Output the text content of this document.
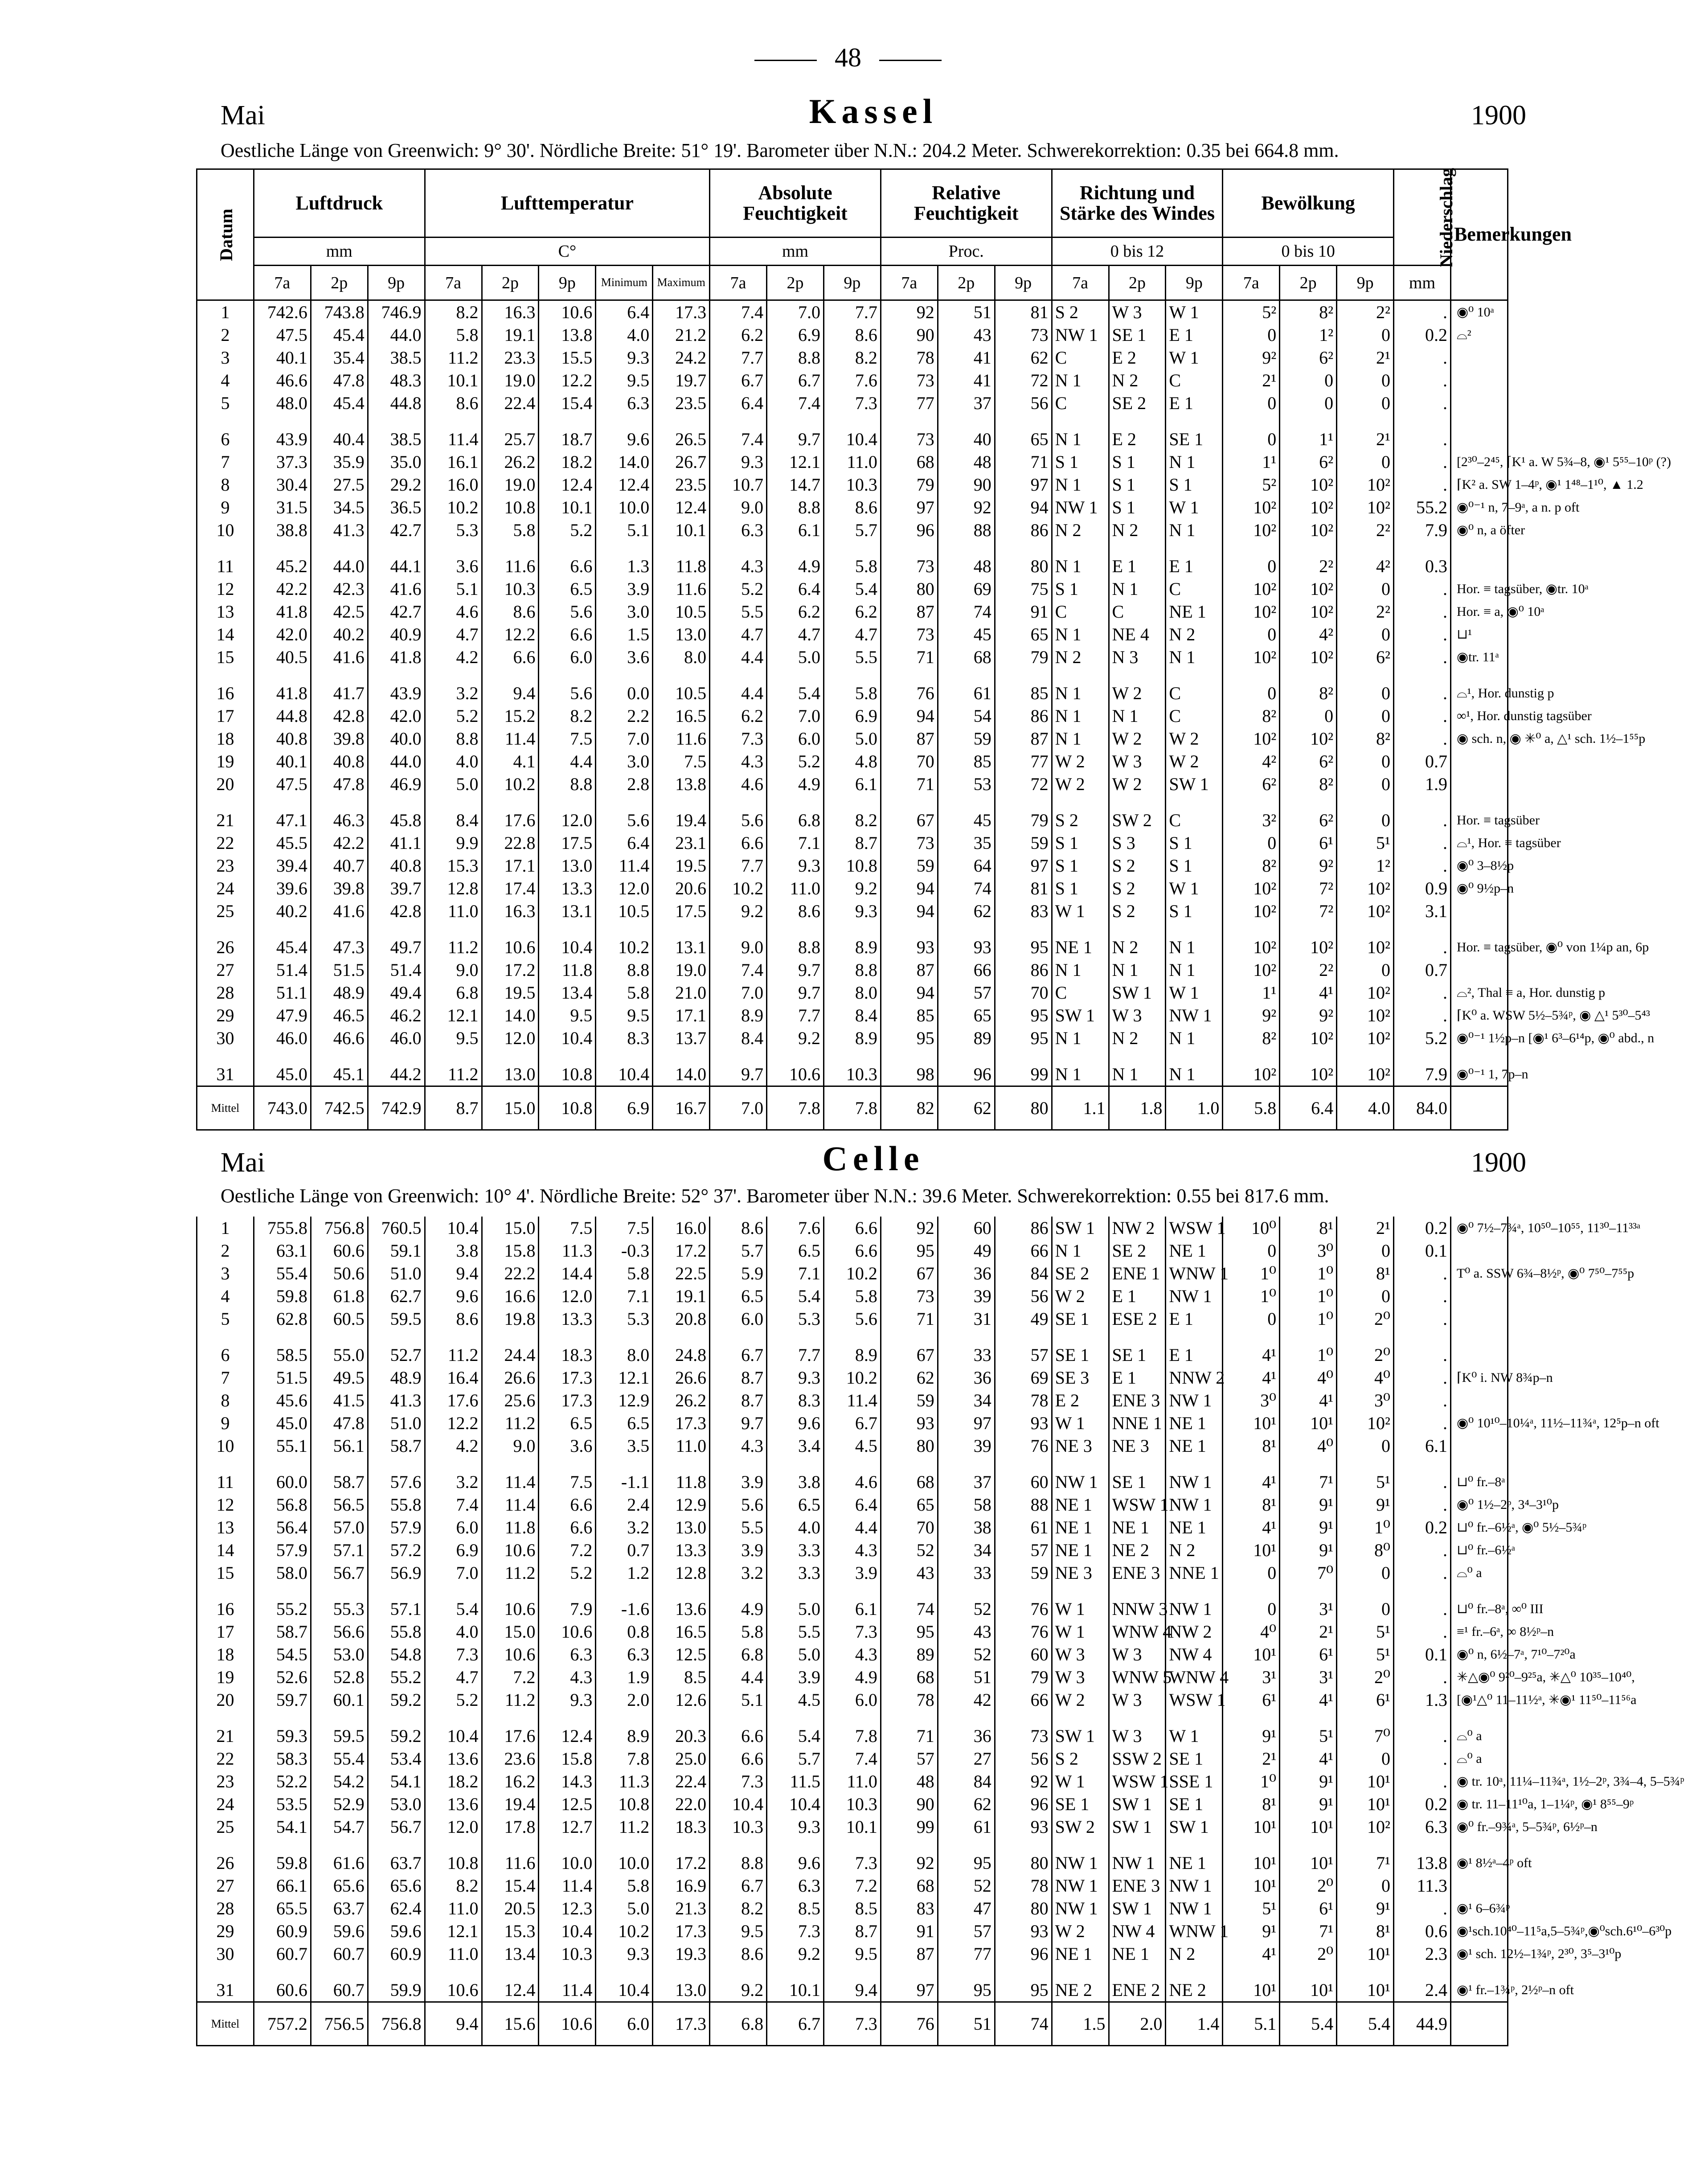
48
Mai	Kassel	1900
Oestliche Länge von Greenwich: 9° 30'. Nördliche Breite: 51° 19'. Barometer über N.N.: 204.2 Meter. Schwerekorrektion: 0.35 bei 664.8 mm.
Datum	Luftdruck			Lufttemperatur					Absolute Feuchtigkeit			Relative Feuchtigkeit			Richtung und Stärke des Windes			Bewölkung			Niederschlag	Bemerkungen
	mm			C°					mm			Proc.			0 bis 12			0 bis 10				
	7a	2p	9p	7a	2p	9p	Minimum	Maximum	7a	2p	9p	7a	2p	9p	7a	2p	9p	7a	2p	9p	mm	
1	742.6	743.8	746.9	8.2	16.3	10.6	6.4	17.3	7.4	7.0	7.7	92	51	81	S 2	W 3	W 1	5²	8²	2²	.	◉⁰ 10ᵃ
2	47.5	45.4	44.0	5.8	19.1	13.8	4.0	21.2	6.2	6.9	8.6	90	43	73	NW 1	SE 1	E 1	0	1²	0	0.2	⌓²
3	40.1	35.4	38.5	11.2	23.3	15.5	9.3	24.2	7.7	8.8	8.2	78	41	62	C	E 2	W 1	9²	6²	2¹	.	
4	46.6	47.8	48.3	10.1	19.0	12.2	9.5	19.7	6.7	6.7	7.6	73	41	72	N 1	N 2	C	2¹	0	0	.	
5	48.0	45.4	44.8	8.6	22.4	15.4	6.3	23.5	6.4	7.4	7.3	77	37	56	C	SE 2	E 1	0	0	0	.	
6	43.9	40.4	38.5	11.4	25.7	18.7	9.6	26.5	7.4	9.7	10.4	73	40	65	N 1	E 2	SE 1	0	1¹	2¹	.	
7	37.3	35.9	35.0	16.1	26.2	18.2	14.0	26.7	9.3	12.1	11.0	68	48	71	S 1	S 1	N 1	1¹	6²	0	.	[2³⁰–2⁴⁵, ⌈K¹ a. W 5¾–8, ◉¹ 5⁵⁵–10ᵖ (?)
8	30.4	27.5	29.2	16.0	19.0	12.4	12.4	23.5	10.7	14.7	10.3	79	90	97	N 1	S 1	S 1	5²	10²	10²	.	⌈K² a. SW 1–4ᵖ, ◉¹ 1⁴⁸–1¹⁰, ▲ 1.2
9	31.5	34.5	36.5	10.2	10.8	10.1	10.0	12.4	9.0	8.8	8.6	97	92	94	NW 1	S 1	W 1	10²	10²	10²	55.2	◉⁰⁻¹ n, 7–9ᵃ, a n. p oft
10	38.8	41.3	42.7	5.3	5.8	5.2	5.1	10.1	6.3	6.1	5.7	96	88	86	N 2	N 2	N 1	10²	10²	2²	7.9	◉⁰ n, a öfter
11	45.2	44.0	44.1	3.6	11.6	6.6	1.3	11.8	4.3	4.9	5.8	73	48	80	N 1	E 1	E 1	0	2²	4²	0.3	
12	42.2	42.3	41.6	5.1	10.3	6.5	3.9	11.6	5.2	6.4	5.4	80	69	75	S 1	N 1	C	10²	10²	0	.	Hor. ≡ tagsüber, ◉tr. 10ᵃ
13	41.8	42.5	42.7	4.6	8.6	5.6	3.0	10.5	5.5	6.2	6.2	87	74	91	C	C	NE 1	10²	10²	2²	.	Hor. ≡ a, ◉⁰ 10ᵃ
14	42.0	40.2	40.9	4.7	12.2	6.6	1.5	13.0	4.7	4.7	4.7	73	45	65	N 1	NE 4	N 2	0	4²	0	.	⊔¹
15	40.5	41.6	41.8	4.2	6.6	6.0	3.6	8.0	4.4	5.0	5.5	71	68	79	N 2	N 3	N 1	10²	10²	6²	.	◉tr. 11ᵃ
16	41.8	41.7	43.9	3.2	9.4	5.6	0.0	10.5	4.4	5.4	5.8	76	61	85	N 1	W 2	C	0	8²	0	.	⌓¹, Hor. dunstig p
17	44.8	42.8	42.0	5.2	15.2	8.2	2.2	16.5	6.2	7.0	6.9	94	54	86	N 1	N 1	C	8²	0	0	.	∞¹, Hor. dunstig tagsüber
18	40.8	39.8	40.0	8.8	11.4	7.5	7.0	11.6	7.3	6.0	5.0	87	59	87	N 1	W 2	W 2	10²	10²	8²	.	◉ sch. n, ◉ ✳⁰ a, △¹ sch. 1½–1⁵⁵p
19	40.1	40.8	44.0	4.0	4.1	4.4	3.0	7.5	4.3	5.2	4.8	70	85	77	W 2	W 3	W 2	4²	6²	0	0.7	
20	47.5	47.8	46.9	5.0	10.2	8.8	2.8	13.8	4.6	4.9	6.1	71	53	72	W 2	W 2	SW 1	6²	8²	0	1.9	
21	47.1	46.3	45.8	8.4	17.6	12.0	5.6	19.4	5.6	6.8	8.2	67	45	79	S 2	SW 2	C	3²	6²	0	.	Hor. ≡ tagsüber
22	45.5	42.2	41.1	9.9	22.8	17.5	6.4	23.1	6.6	7.1	8.7	73	35	59	S 1	S 3	S 1	0	6¹	5¹	.	⌓¹, Hor. ≡ tagsüber
23	39.4	40.7	40.8	15.3	17.1	13.0	11.4	19.5	7.7	9.3	10.8	59	64	97	S 1	S 2	S 1	8²	9²	1²	.	◉⁰ 3–8½p
24	39.6	39.8	39.7	12.8	17.4	13.3	12.0	20.6	10.2	11.0	9.2	94	74	81	S 1	S 2	W 1	10²	7²	10²	0.9	◉⁰ 9½p–n
25	40.2	41.6	42.8	11.0	16.3	13.1	10.5	17.5	9.2	8.6	9.3	94	62	83	W 1	S 2	S 1	10²	7²	10²	3.1	
26	45.4	47.3	49.7	11.2	10.6	10.4	10.2	13.1	9.0	8.8	8.9	93	93	95	NE 1	N 2	N 1	10²	10²	10²	.	Hor. ≡ tagsüber, ◉⁰ von 1¼p an, 6p
27	51.4	51.5	51.4	9.0	17.2	11.8	8.8	19.0	7.4	9.7	8.8	87	66	86	N 1	N 1	N 1	10²	2²	0	0.7	
28	51.1	48.9	49.4	6.8	19.5	13.4	5.8	21.0	7.0	9.7	8.0	94	57	70	C	SW 1	W 1	1¹	4¹	10²	.	⌓², Thal ≡ a, Hor. dunstig p
29	47.9	46.5	46.2	12.1	14.0	9.5	9.5	17.1	8.9	7.7	8.4	85	65	95	SW 1	W 3	NW 1	9²	9²	10²	.	⌈K⁰ a. WSW 5½–5¾ᵖ, ◉ △¹ 5³⁰–5⁴³
30	46.0	46.6	46.0	9.5	12.0	10.4	8.3	13.7	8.4	9.2	8.9	95	89	95	N 1	N 2	N 1	8²	10²	10²	5.2	◉⁰⁻¹ 1½p–n [◉¹ 6³–6¹⁴p, ◉⁰ abd., n
31	45.0	45.1	44.2	11.2	13.0	10.8	10.4	14.0	9.7	10.6	10.3	98	96	99	N 1	N 1	N 1	10²	10²	10²	7.9	◉⁰⁻¹ 1, 7p–n
Mittel	743.0	742.5	742.9	8.7	15.0	10.8	6.9	16.7	7.0	7.8	7.8	82	62	80	1.1	1.8	1.0	5.8	6.4	4.0	84.0	
Mai	Celle	1900
Oestliche Länge von Greenwich: 10° 4'. Nördliche Breite: 52° 37'. Barometer über N.N.: 39.6 Meter. Schwerekorrektion: 0.55 bei 817.6 mm.
1	755.8	756.8	760.5	10.4	15.0	7.5	7.5	16.0	8.6	7.6	6.6	92	60	86	SW 1	NW 2	WSW 1	10⁰	8¹	2¹	0.2	◉⁰ 7½–7¾ᵃ, 10⁵⁰–10⁵⁵, 11³⁰–11³³ᵃ
2	63.1	60.6	59.1	3.8	15.8	11.3	-0.3	17.2	5.7	6.5	6.6	95	49	66	N 1	SE 2	NE 1	0	3⁰	0	0.1	
3	55.4	50.6	51.0	9.4	22.2	14.4	5.8	22.5	5.9	7.1	10.2	67	36	84	SE 2	ENE 1	WNW 1	1⁰	1⁰	8¹	.	T⁰ a. SSW 6¾–8½ᵖ, ◉⁰ 7⁵⁰–7⁵⁵p
4	59.8	61.8	62.7	9.6	16.6	12.0	7.1	19.1	6.5	5.4	5.8	73	39	56	W 2	E 1	NW 1	1⁰	1⁰	0	.	
5	62.8	60.5	59.5	8.6	19.8	13.3	5.3	20.8	6.0	5.3	5.6	71	31	49	SE 1	ESE 2	E 1	0	1⁰	2⁰	.	
6	58.5	55.0	52.7	11.2	24.4	18.3	8.0	24.8	6.7	7.7	8.9	67	33	57	SE 1	SE 1	E 1	4¹	1⁰	2⁰	.	
7	51.5	49.5	48.9	16.4	26.6	17.3	12.1	26.6	8.7	9.3	10.2	62	36	69	SE 3	E 1	NNW 2	4¹	4⁰	4⁰	.	⌈K⁰ i. NW 8¾p–n
8	45.6	41.5	41.3	17.6	25.6	17.3	12.9	26.2	8.7	8.3	11.4	59	34	78	E 2	ENE 3	NW 1	3⁰	4¹	3⁰	.	
9	45.0	47.8	51.0	12.2	11.2	6.5	6.5	17.3	9.7	9.6	6.7	93	97	93	W 1	NNE 1	NE 1	10¹	10¹	10²	.	◉⁰ 10¹⁰–10¼ᵃ, 11½–11¾ᵃ, 12⁵p–n oft
10	55.1	56.1	58.7	4.2	9.0	3.6	3.5	11.0	4.3	3.4	4.5	80	39	76	NE 3	NE 3	NE 1	8¹	4⁰	0	6.1	
11	60.0	58.7	57.6	3.2	11.4	7.5	-1.1	11.8	3.9	3.8	4.6	68	37	60	NW 1	SE 1	NW 1	4¹	7¹	5¹	.	⊔⁰ fr.–8ᵃ
12	56.8	56.5	55.8	7.4	11.4	6.6	2.4	12.9	5.6	6.5	6.4	65	58	88	NE 1	WSW 1	NW 1	8¹	9¹	9¹	.	◉⁰ 1½–2ᵖ, 3⁴–3¹⁰p
13	56.4	57.0	57.9	6.0	11.8	6.6	3.2	13.0	5.5	4.0	4.4	70	38	61	NE 1	NE 1	NE 1	4¹	9¹	1⁰	0.2	⊔⁰ fr.–6½ᵃ, ◉⁰ 5½–5¾ᵖ
14	57.9	57.1	57.2	6.9	10.6	7.2	0.7	13.3	3.9	3.3	4.3	52	34	57	NE 1	NE 2	N 2	10¹	9¹	8⁰	.	⊔⁰ fr.–6½ᵃ
15	58.0	56.7	56.9	7.0	11.2	5.2	1.2	12.8	3.2	3.3	3.9	43	33	59	NE 3	ENE 3	NNE 1	0	7⁰	0	.	⌓⁰ a
16	55.2	55.3	57.1	5.4	10.6	7.9	-1.6	13.6	4.9	5.0	6.1	74	52	76	W 1	NNW 3	NW 1	0	3¹	0	.	⊔⁰ fr.–8ᵃ, ∞⁰ III
17	58.7	56.6	55.8	4.0	15.0	10.6	0.8	16.5	5.8	5.5	7.3	95	43	76	W 1	WNW 4	NW 2	4⁰	2¹	5¹	.	≡¹ fr.–6ᵃ, ∞ 8½ᵖ–n
18	54.5	53.0	54.8	7.3	10.6	6.3	6.3	12.5	6.8	5.0	4.3	89	52	60	W 3	W 3	NW 4	10¹	6¹	5¹	0.1	◉⁰ n, 6½–7ᵃ, 7¹⁰–7²⁰a
19	52.6	52.8	55.2	4.7	7.2	4.3	1.9	8.5	4.4	3.9	4.9	68	51	79	W 3	WNW 5	WNW 4	3¹	3¹	2⁰	.	✳△◉⁰ 9²⁰–9²⁵a, ✳△⁰ 10³⁵–10⁴⁰,
20	59.7	60.1	59.2	5.2	11.2	9.3	2.0	12.6	5.1	4.5	6.0	78	42	66	W 2	W 3	WSW 1	6¹	4¹	6¹	1.3	[◉¹△⁰ 11–11½ᵃ, ✳◉¹ 11⁵⁰–11⁵⁶a
21	59.3	59.5	59.2	10.4	17.6	12.4	8.9	20.3	6.6	5.4	7.8	71	36	73	SW 1	W 3	W 1	9¹	5¹	7⁰	.	⌓⁰ a
22	58.3	55.4	53.4	13.6	23.6	15.8	7.8	25.0	6.6	5.7	7.4	57	27	56	S 2	SSW 2	SE 1	2¹	4¹	0	.	⌓⁰ a
23	52.2	54.2	54.1	18.2	16.2	14.3	11.3	22.4	7.3	11.5	11.0	48	84	92	W 1	WSW 1	SSE 1	1⁰	9¹	10¹	.	◉ tr. 10ᵃ, 11¼–11¾ᵃ, 1½–2ᵖ, 3¾–4, 5–5¾ᵖ
24	53.5	52.9	53.0	13.6	19.4	12.5	10.8	22.0	10.4	10.4	10.3	90	62	96	SE 1	SW 1	SE 1	8¹	9¹	10¹	0.2	◉ tr. 11–11¹⁰a, 1–1¼ᵖ, ◉¹ 8⁵⁵–9ᵖ
25	54.1	54.7	56.7	12.0	17.8	12.7	11.2	18.3	10.3	9.3	10.1	99	61	93	SW 2	SW 1	SW 1	10¹	10¹	10²	6.3	◉⁰ fr.–9¾ᵃ, 5–5¾ᵖ, 6½ᵖ–n
26	59.8	61.6	63.7	10.8	11.6	10.0	10.0	17.2	8.8	9.6	7.3	92	95	80	NW 1	NW 1	NE 1	10¹	10¹	7¹	13.8	◉¹ 8½ᵃ–4ᵖ oft
27	66.1	65.6	65.6	8.2	15.4	11.4	5.8	16.9	6.7	6.3	7.2	68	52	78	NW 1	ENE 3	NW 1	10¹	2⁰	0	11.3	
28	65.5	63.7	62.4	11.0	20.5	12.3	5.0	21.3	8.2	8.5	8.5	83	47	80	NW 1	SW 1	NW 1	5¹	6¹	9¹	.	◉¹ 6–6¾ᵖ
29	60.9	59.6	59.6	12.1	15.3	10.4	10.2	17.3	9.5	7.3	8.7	91	57	93	W 2	NW 4	WNW 1	9¹	7¹	8¹	0.6	◉¹sch.10⁴⁰–11⁵a,5–5¾ᵖ,◉⁰sch.6¹⁰–6³⁰p
30	60.7	60.7	60.9	11.0	13.4	10.3	9.3	19.3	8.6	9.2	9.5	87	77	96	NE 1	NE 1	N 2	4¹	2⁰	10¹	2.3	◉¹ sch. 12½–1¾ᵖ, 2³⁰, 3⁵–3¹⁰p
31	60.6	60.7	59.9	10.6	12.4	11.4	10.4	13.0	9.2	10.1	9.4	97	95	95	NE 2	ENE 2	NE 2	10¹	10¹	10¹	2.4	◉¹ fr.–1¾ᵖ, 2½ᵖ–n oft
Mittel	757.2	756.5	756.8	9.4	15.6	10.6	6.0	17.3	6.8	6.7	7.3	76	51	74	1.5	2.0	1.4	5.1	5.4	5.4	44.9	
